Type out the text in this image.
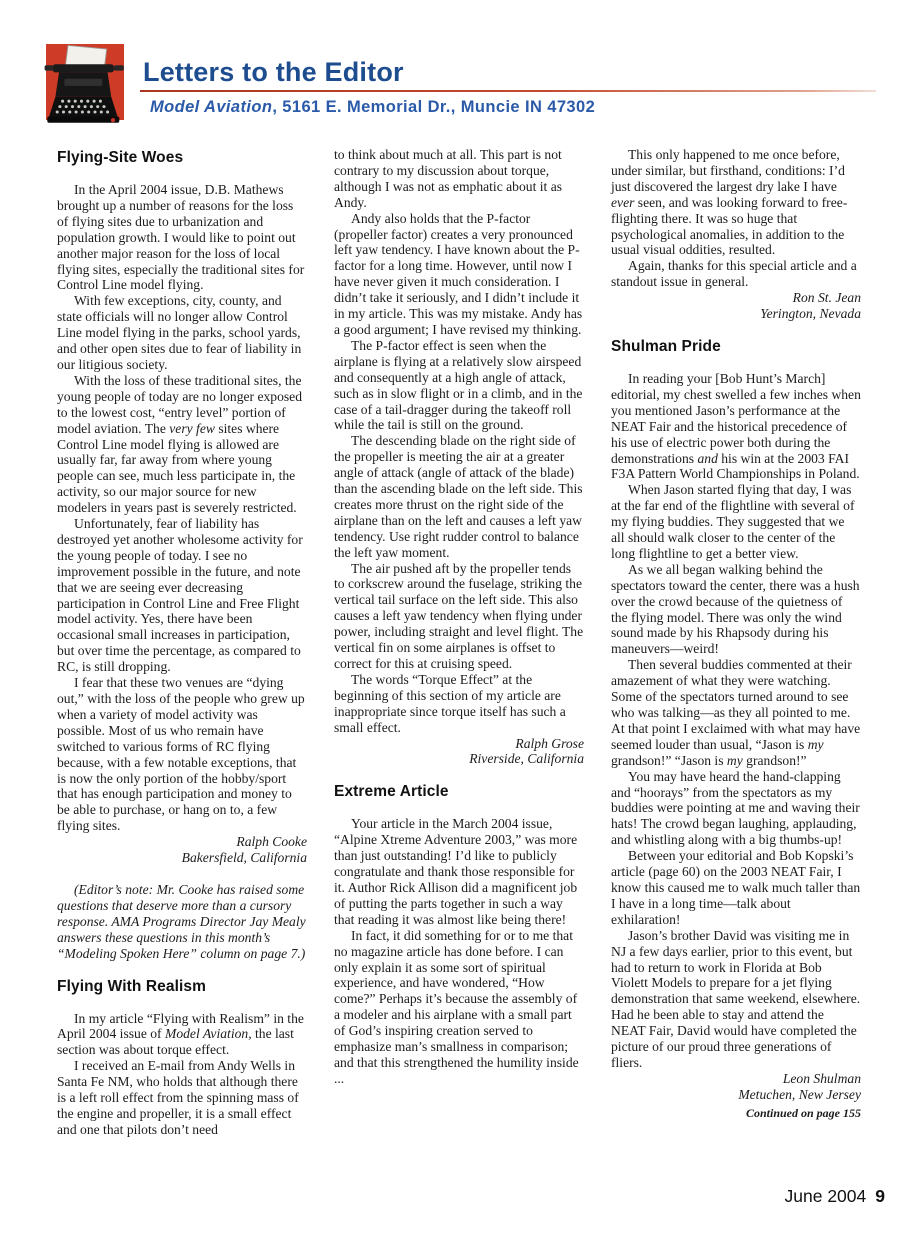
Letters to the Editor
Model Aviation, 5161 E. Memorial Dr., Muncie IN 47302
Flying-Site Woes

In the April 2004 issue, D.B. Mathews brought up a number of reasons for the loss of flying sites due to urbanization and population growth. I would like to point out another major reason for the loss of local flying sites, especially the traditional sites for Control Line model flying.

With few exceptions, city, county, and state officials will no longer allow Control Line model flying in the parks, school yards, and other open sites due to fear of liability in our litigious society.

With the loss of these traditional sites, the young people of today are no longer exposed to the lowest cost, “entry level” portion of model aviation. The very few sites where Control Line model flying is allowed are usually far, far away from where young people can see, much less participate in, the activity, so our major source for new modelers in years past is severely restricted.

Unfortunately, fear of liability has destroyed yet another wholesome activity for the young people of today. I see no improvement possible in the future, and note that we are seeing ever decreasing participation in Control Line and Free Flight model activity. Yes, there have been occasional small increases in participation, but over time the percentage, as compared to RC, is still dropping.

I fear that these two venues are “dying out,” with the loss of the people who grew up when a variety of model activity was possible. Most of us who remain have switched to various forms of RC flying because, with a few notable exceptions, that is now the only portion of the hobby/sport that has enough participation and money to be able to purchase, or hang on to, a few flying sites.

Ralph Cooke
Bakersfield, California

(Editor’s note: Mr. Cooke has raised some questions that deserve more than a cursory response. AMA Programs Director Jay Mealy answers these questions in this month’s “Modeling Spoken Here” column on page 7.)

Flying With Realism

In my article “Flying with Realism” in the April 2004 issue of Model Aviation, the last section was about torque effect.

I received an E-mail from Andy Wells in Santa Fe NM, who holds that although there is a left roll effect from the spinning mass of the engine and propeller, it is a small effect and one that pilots don’t need

to think about much at all. This part is not contrary to my discussion about torque, although I was not as emphatic about it as Andy.

Andy also holds that the P-factor (propeller factor) creates a very pronounced left yaw tendency. I have known about the P-factor for a long time. However, until now I have never given it much consideration. I didn’t take it seriously, and I didn’t include it in my article. This was my mistake. Andy has a good argument; I have revised my thinking.

The P-factor effect is seen when the airplane is flying at a relatively slow airspeed and consequently at a high angle of attack, such as in slow flight or in a climb, and in the case of a tail-dragger during the takeoff roll while the tail is still on the ground.

The descending blade on the right side of the propeller is meeting the air at a greater angle of attack (angle of attack of the blade) than the ascending blade on the left side. This creates more thrust on the right side of the airplane than on the left and causes a left yaw tendency. Use right rudder control to balance the left yaw moment.

The air pushed aft by the propeller tends to corkscrew around the fuselage, striking the vertical tail surface on the left side. This also causes a left yaw tendency when flying under power, including straight and level flight. The vertical fin on some airplanes is offset to correct for this at cruising speed.

The words “Torque Effect” at the beginning of this section of my article are inappropriate since torque itself has such a small effect.

Ralph Grose
Riverside, California
Extreme Article

Your article in the March 2004 issue, “Alpine Xtreme Adventure 2003,” was more than just outstanding! I’d like to publicly congratulate and thank those responsible for it. Author Rick Allison did a magnificent job of putting the parts together in such a way that reading it was almost like being there!

In fact, it did something for or to me that no magazine article has done before. I can only explain it as some sort of spiritual experience, and have wondered, “How come?” Perhaps it’s because the assembly of a modeler and his airplane with a small part of God’s inspiring creation served to emphasize man’s smallness in comparison; and that this strengthened the humility inside ...

This only happened to me once before, under similar, but firsthand, conditions: I’d just discovered the largest dry lake I have ever seen, and was looking forward to free-flighting there. It was so huge that psychological anomalies, in addition to the usual visual oddities, resulted.

Again, thanks for this special article and a standout issue in general.

Ron St. Jean
Yerington, Nevada
Shulman Pride

In reading your [Bob Hunt’s March] editorial, my chest swelled a few inches when you mentioned Jason’s performance at the NEAT Fair and the historical precedence of his use of electric power both during the demonstrations and his win at the 2003 FAI F3A Pattern World Championships in Poland.

When Jason started flying that day, I was at the far end of the flightline with several of my flying buddies. They suggested that we all should walk closer to the center of the long flightline to get a better view.

As we all began walking behind the spectators toward the center, there was a hush over the crowd because of the quietness of the flying model. There was only the wind sound made by his Rhapsody during his maneuvers—weird!

Then several buddies commented at their amazement of what they were watching. Some of the spectators turned around to see who was talking—as they all pointed to me. At that point I exclaimed with what may have seemed louder than usual, “Jason is my grandson!” “Jason is my grandson!”

You may have heard the hand-clapping and “hoorays” from the spectators as my buddies were pointing at me and waving their hats! The crowd began laughing, applauding, and whistling along with a big thumbs-up!

Between your editorial and Bob Kopski’s article (page 60) on the 2003 NEAT Fair, I know this caused me to walk much taller than I have in a long time—talk about exhilaration!

Jason’s brother David was visiting me in NJ a few days earlier, prior to this event, but had to return to work in Florida at Bob Violett Models to prepare for a jet flying demonstration that same weekend, elsewhere. Had he been able to stay and attend the NEAT Fair, David would have completed the picture of our proud three generations of fliers.

Leon Shulman
Metuchen, New Jersey
Continued on page 155
June 2004 9
